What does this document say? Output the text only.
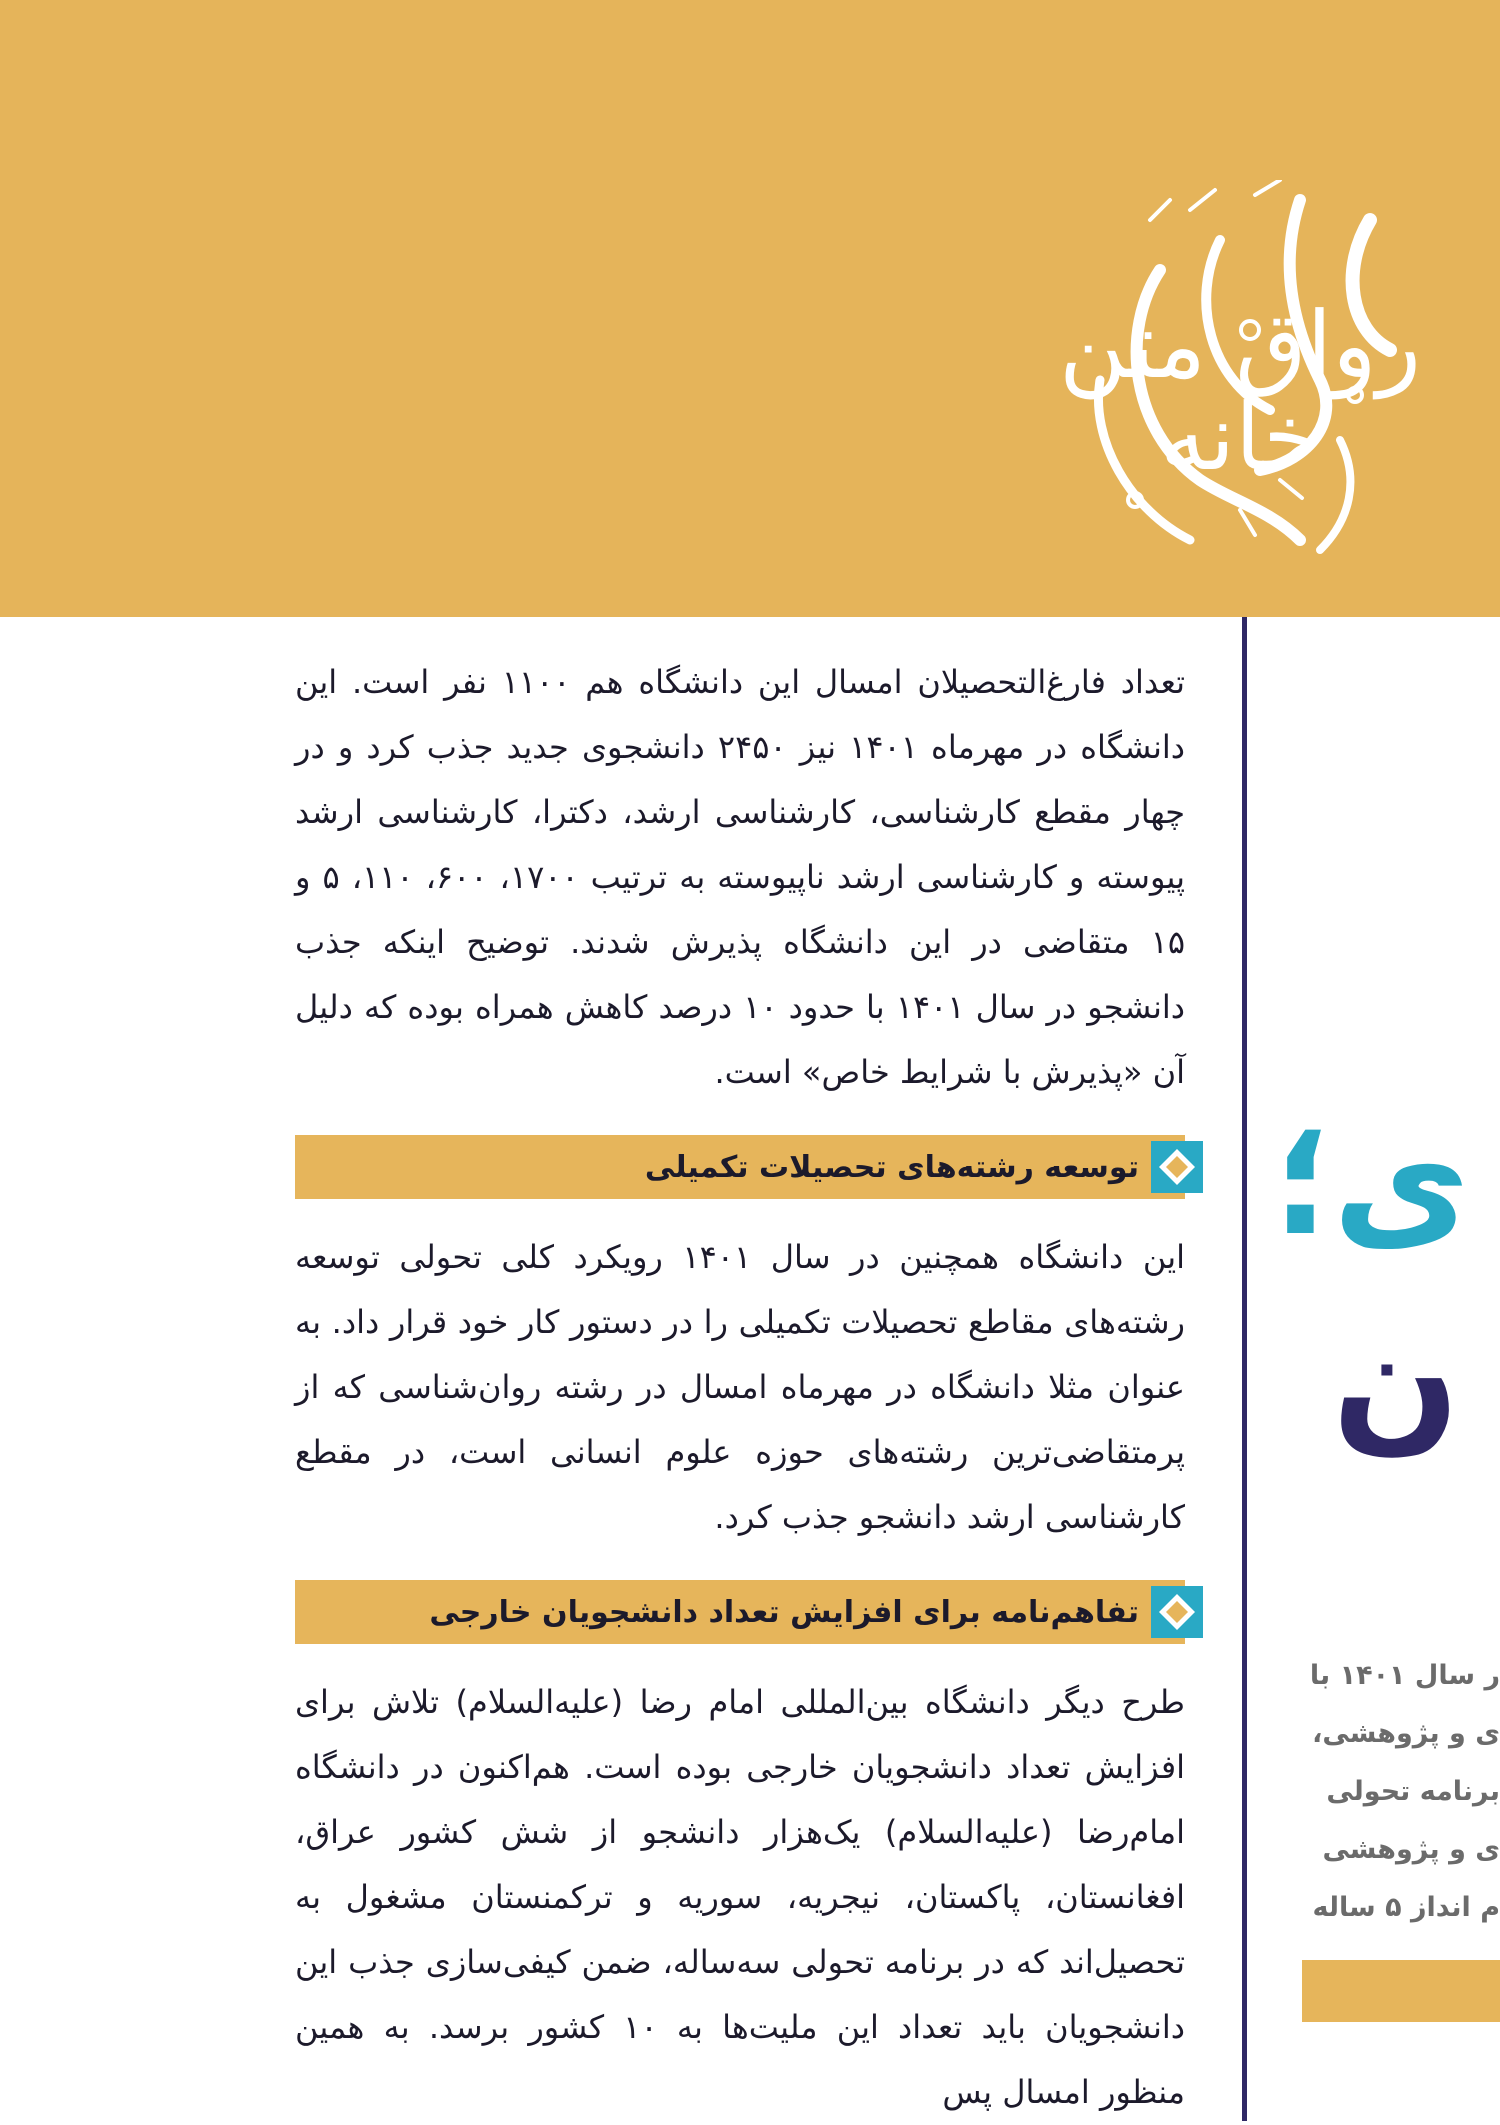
رواق متن خانه

تعداد فارغ‌التحصیلان امسال این دانشگاه هم ۱۱۰۰ نفر است. این دانشگاه در مهرماه ۱۴۰۱ نیز ۲۴۵۰ دانشجوی جدید جذب کرد و در چهار مقطع کارشناسی، کارشناسی ارشد، دکترا، کارشناسی ارشد پیوسته و کارشناسی ارشد ناپیوسته به ترتیب ۱۷۰۰، ۶۰۰، ۱۱۰، ۵ و ۱۵ متقاضی در این دانشگاه پذیرش شدند. توضیح اینکه جذب دانشجو در سال ۱۴۰۱ با حدود ۱۰ درصد کاهش همراه بوده که دلیل آن «پذیرش با شرایط خاص» است.

توسعه رشته‌های تحصیلات تکمیلی

این دانشگاه همچنین در سال ۱۴۰۱ رویکرد کلی تحولی توسعه رشته‌های مقاطع تحصیلات تکمیلی را در دستور کار خود قرار داد. به عنوان مثلا دانشگاه در مهرماه امسال در رشته روان‌شناسی که از پرمتقاضی‌ترین رشته‌های حوزه علوم انسانی است، در مقطع کارشناسی ارشد دانشجو جذب کرد.

تفاهم‌نامه برای افزایش تعداد دانشجویان خارجی

طرح دیگر دانشگاه بین‌المللی امام رضا (علیه‌السلام) تلاش برای افزایش تعداد دانشجویان خارجی بوده است. هم‌اکنون در دانشگاه امام‌رضا (علیه‌السلام) یک‌هزار دانشجو از شش کشور عراق، افغانستان، پاکستان، نیجریه، سوریه و ترکمنستان مشغول به تحصیل‌اند که در برنامه تحولی سه‌ساله، ضمن کیفی‌سازی جذب این دانشجویان باید تعداد این ملیت‌ها به ۱۰ کشور برسد. به همین منظور امسال پس

ی؛
ن
ر سال ۱۴۰۱ با
ی و پژوهشی،
برنامه تحولی
ی و پژوهشی
م انداز ۵ ساله
